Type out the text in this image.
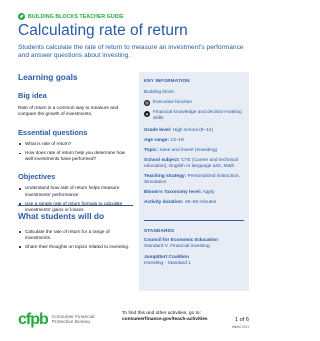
BUILDING BLOCKS TEACHER GUIDE
Calculating rate of return

Students calculate the rate of return to measure an investment's performance and answer questions about investing.

Learning goals
Big idea

Rate of return is a common way to measure and compare the growth of investments.

Essential questions
What is rate of return?
How does rate of return help you determine how well investments have performed?
Objectives
Understand how rate of return helps measure investments' performance
Use a simple rate of return formula to calculate investments' gains or losses
What students will do
Calculate the rate of return for a range of investments.
Share their thoughts on topics related to investing.
KEY INFORMATION
Building block:
Executive function
Financial knowledge and decision-making skills
Grade level: High school (9–12)
Age range: 13–19
Topic: Save and invest (Investing)
School subject: CTE (Career and technical education), English or language arts, Math
Teaching strategy: Personalized instruction, Simulation
Bloom's Taxonomy level: Apply
Activity duration: 45–60 minutes
STANDARDS
Council for Economic Education
Standard V. Financial investing
Jump$tart Coalition
Investing - Standard 1
cfpb Consumer Financial
Protection Bureau
To find this and other activities, go to:
consumerfinance.gov/teach-activities	1 of 6
Winter 2021
